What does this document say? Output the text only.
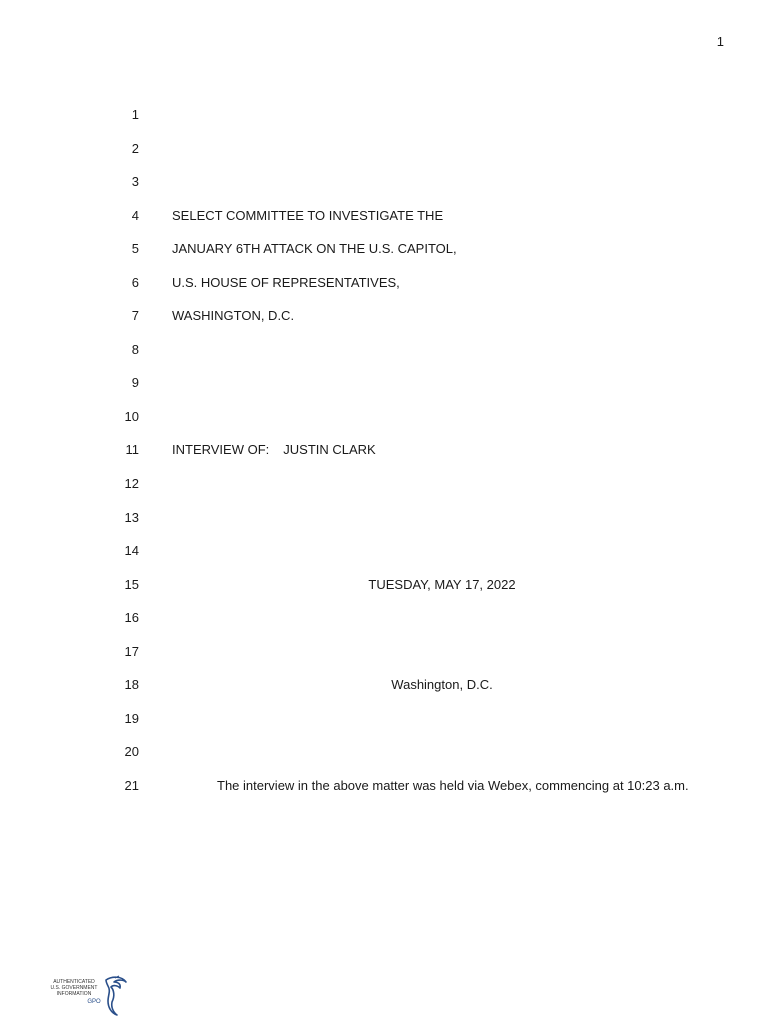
1
1
2
3
4	SELECT COMMITTEE TO INVESTIGATE THE
5	JANUARY 6TH ATTACK ON THE U.S. CAPITOL,
6	U.S. HOUSE OF REPRESENTATIVES,
7	WASHINGTON, D.C.
8
9
10
11	INTERVIEW OF: JUSTIN CLARK
12
13
14
15	TUESDAY, MAY 17, 2022
16
17
18	Washington, D.C.
19
20
21	The interview in the above matter was held via Webex, commencing at 10:23 a.m.
AUTHENTICATED
U.S. GOVERNMENT
INFORMATION
GPO
